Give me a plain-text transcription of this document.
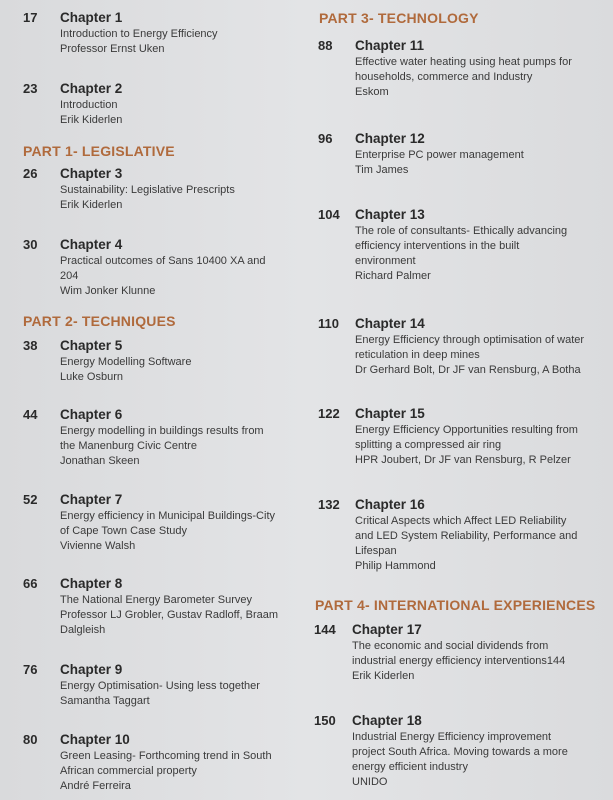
17 Chapter 1
Introduction to Energy Efficiency
Professor Ernst Uken
23 Chapter 2
Introduction
Erik Kiderlen
26 Chapter 3
Sustainability: Legislative Prescripts
Erik Kiderlen
30 Chapter 4
Practical outcomes of Sans 10400 XA and
204
Wim Jonker Klunne
38 Chapter 5
Energy Modelling Software
Luke Osburn
44 Chapter 6
Energy modelling in buildings results from
the Manenburg Civic Centre
Jonathan Skeen
52 Chapter 7
Energy efficiency in Municipal Buildings-City
of Cape Town Case Study
Vivienne Walsh
66 Chapter 8
The National Energy Barometer Survey
Professor LJ Grobler, Gustav Radloff, Braam
Dalgleish
76 Chapter 9
Energy Optimisation- Using less together
Samantha Taggart
80 Chapter 10
Green Leasing- Forthcoming trend in South
African commercial property
André Ferreira
PART 1- LEGISLATIVE
PART 2- TECHNIQUES
PART 3- TECHNOLOGY
PART 4- INTERNATIONAL EXPERIENCES
88 Chapter 11
Effective water heating using heat pumps for
households, commerce and Industry
Eskom
96 Chapter 12
Enterprise PC power management
Tim James
104 Chapter 13
The role of consultants- Ethically advancing
efficiency interventions in the built
environment
Richard Palmer
110 Chapter 14
Energy Efficiency through optimisation of water
reticulation in deep mines
Dr Gerhard Bolt, Dr JF van Rensburg, A Botha
122 Chapter 15
Energy Efficiency Opportunities resulting from
splitting a compressed air ring
HPR Joubert, Dr JF van Rensburg, R Pelzer
132 Chapter 16
Critical Aspects which Affect LED Reliability
and LED System Reliability, Performance and
Lifespan
Philip Hammond
144 Chapter 17
The economic and social dividends from
industrial energy efficiency interventions144
Erik Kiderlen
150 Chapter 18
Industrial Energy Efficiency improvement
project South Africa. Moving towards a more
energy efficient industry
UNIDO
